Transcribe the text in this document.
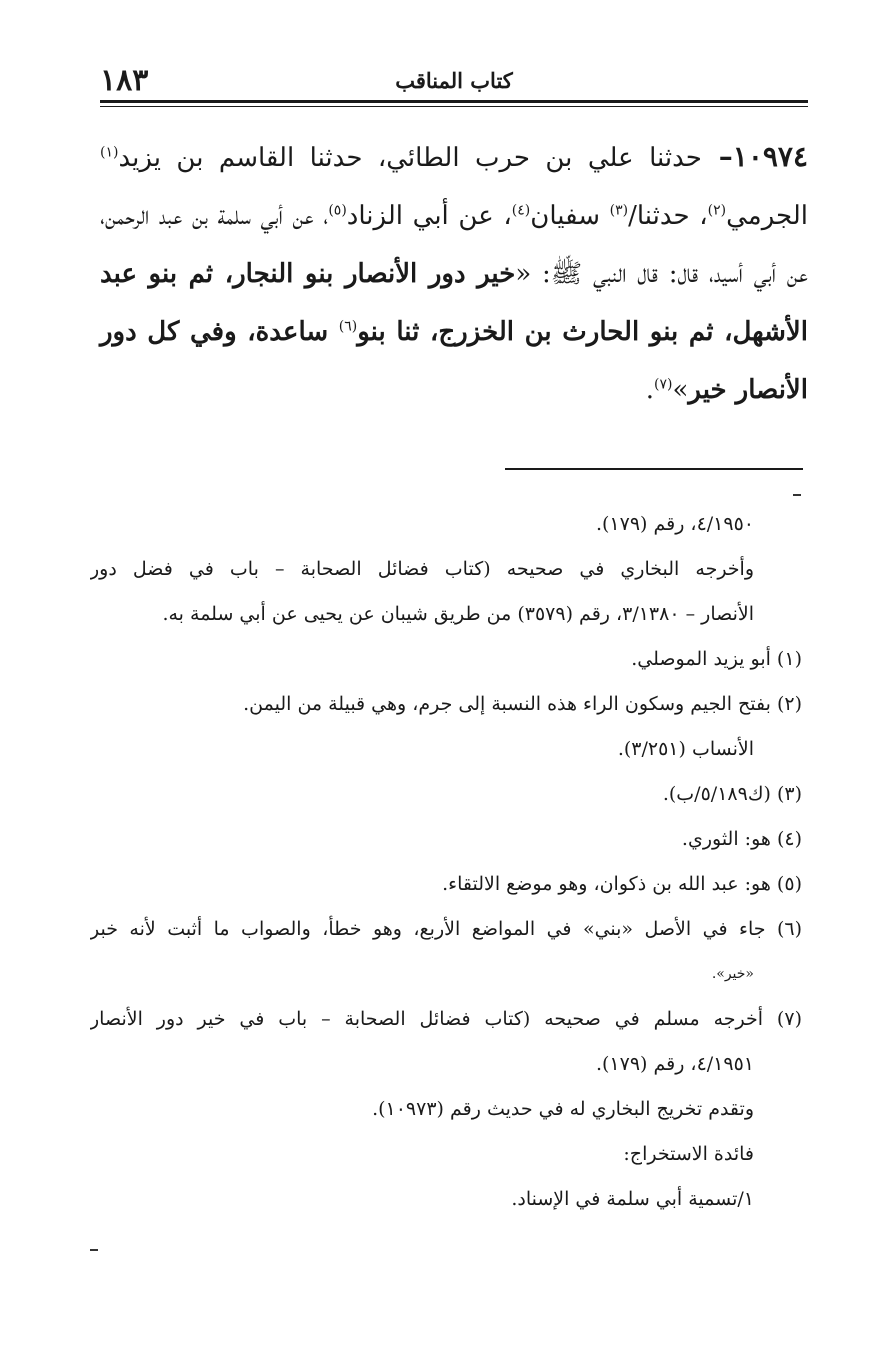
١٨٣	كتاب المناقب
١٠٩٧٤– حدثنا علي بن حرب الطائي، حدثنا القاسم بن يزيد$^{(١)}$ الجرمي$^{(٢)}$، حدثنا/$^{(٣)}$ سفيان$^{(٤)}$، عن أبي الزناد$^{(٥)}$، عن أبي سلمة بن عبد الرحمن، عن أبي أسيد، قال: قال النبي ﷺ: «خير دور الأنصار بنو النجار، ثم بنو عبد الأشهل، ثم بنو الحارث بن الخزرج، ثنا بنو$^{(٦)}$ ساعدة، وفي كل دور الأنصار خير»$^{(٧)}$.
٤/١٩٥٠، رقم (١٧٩).
وأخرجه البخاري في صحيحه (كتاب فضائل الصحابة – باب في فضل دور
الأنصار – ٣/١٣٨٠، رقم (٣٥٧٩) من طريق شيبان عن يحيى عن أبي سلمة به.
(١) أبو يزيد الموصلي.
(٢) بفتح الجيم وسكون الراء هذه النسبة إلى جرم، وهي قبيلة من اليمن.
الأنساب (٣/٢٥١).
(٣) (ك٥/١٨٩/ب).
(٤) هو: الثوري.
(٥) هو: عبد الله بن ذكوان، وهو موضع الالتقاء.
(٦) جاء في الأصل «بني» في المواضع الأربع، وهو خطأ، والصواب ما أثبت لأنه خبر
«خير».
(٧) أخرجه مسلم في صحيحه (كتاب فضائل الصحابة – باب في خير دور الأنصار
٤/١٩٥١، رقم (١٧٩).
وتقدم تخريج البخاري له في حديث رقم (١٠٩٧٣).
فائدة الاستخراج:
١/تسمية أبي سلمة في الإسناد.
